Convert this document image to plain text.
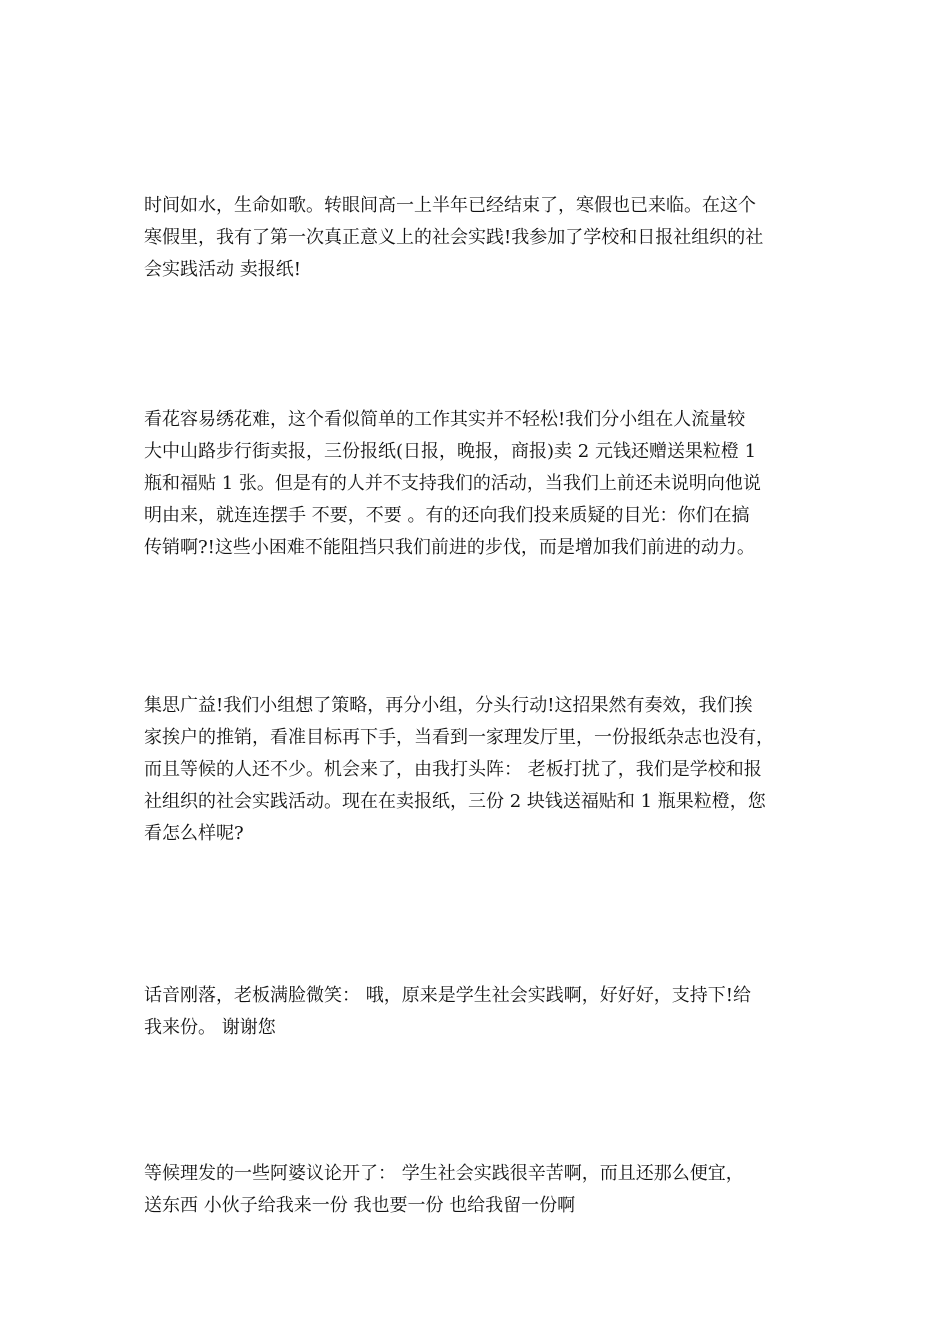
时间如水，生命如歌。转眼间高一上半年已经结束了，寒假也已来临。在这个
寒假里，我有了第一次真正意义上的社会实践!我参加了学校和日报社组织的社
会实践活动 卖报纸!

看花容易绣花难，这个看似简单的工作其实并不轻松!我们分小组在人流量较
大中山路步行街卖报，三份报纸(日报，晚报，商报)卖 2 元钱还赠送果粒橙 1
瓶和福贴 1 张。但是有的人并不支持我们的活动，当我们上前还未说明向他说
明由来，就连连摆手 不要，不要 。有的还向我们投来质疑的目光：你们在搞
传销啊?!这些小困难不能阻挡只我们前进的步伐，而是增加我们前进的动力。

集思广益!我们小组想了策略，再分小组，分头行动!这招果然有奏效，我们挨
家挨户的推销，看准目标再下手，当看到一家理发厅里，一份报纸杂志也没有，
而且等候的人还不少。机会来了，由我打头阵： 老板打扰了，我们是学校和报
社组织的社会实践活动。现在在卖报纸，三份 2 块钱送福贴和 1 瓶果粒橙，您
看怎么样呢?

话音刚落，老板满脸微笑： 哦，原来是学生社会实践啊，好好好，支持下!给
我来份。 谢谢您

等候理发的一些阿婆议论开了： 学生社会实践很辛苦啊，而且还那么便宜，
送东西 小伙子给我来一份 我也要一份 也给我留一份啊
